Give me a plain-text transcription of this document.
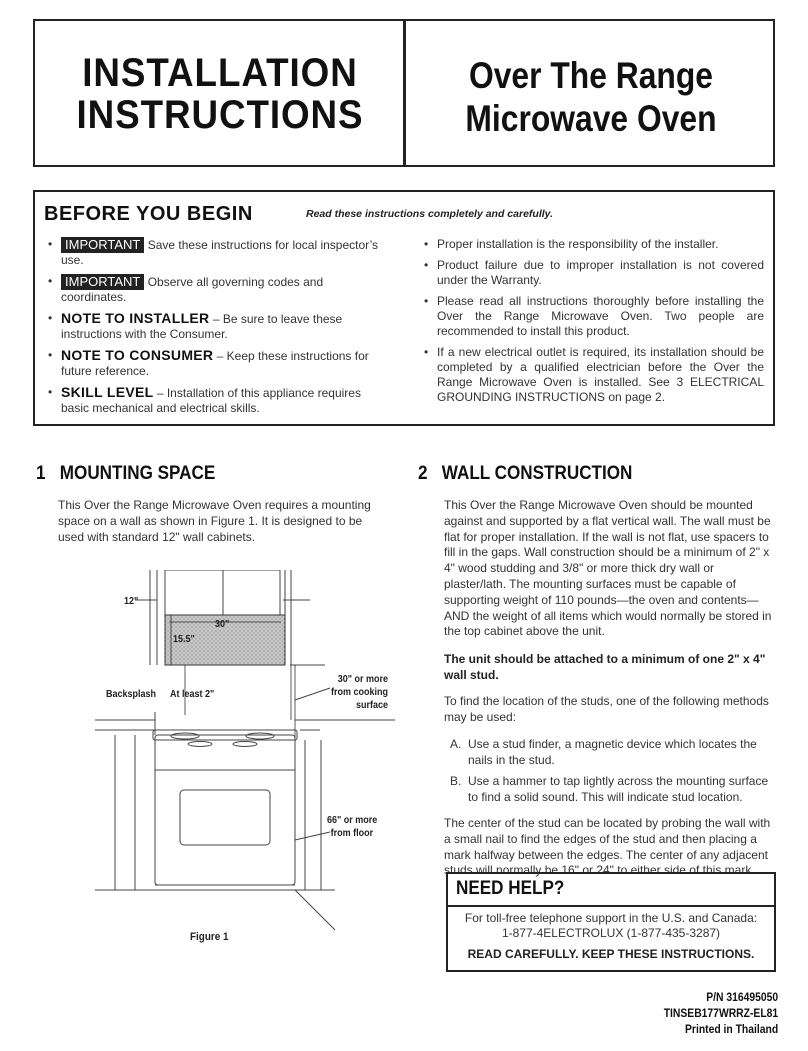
INSTALLATION
INSTRUCTIONS
Over The Range
Microwave Oven
BEFORE YOU BEGIN	Read these instructions completely and carefully.
• IMPORTANT Save these instructions for local inspector’s use.
• IMPORTANT Observe all governing codes and coordinates.
• NOTE TO INSTALLER – Be sure to leave these instructions with the Consumer.
• NOTE TO CONSUMER – Keep these instructions for future reference.
• SKILL LEVEL – Installation of this appliance requires basic mechanical and electrical skills.
• Proper installation is the responsibility of the installer.
• Product failure due to improper installation is not covered under the Warranty.
• Please read all instructions thoroughly before installing the Over the Range Microwave Oven. Two people are recommended to install this product.
• If a new electrical outlet is required, its installation should be completed by a qualified electrician before the Over the Range Microwave Oven is installed. See 3 ELECTRICAL GROUNDING INSTRUCTIONS on page 2.
1 MOUNTING SPACE
This Over the Range Microwave Oven requires a mounting space on a wall as shown in Figure 1. It is designed to be used with standard 12" wall cabinets.
12"
30"
15.5"
Backsplash At least 2"
30" or more
from cooking
surface
66" or more
from floor
Figure 1
2 WALL CONSTRUCTION

This Over the Range Microwave Oven should be mounted against and supported by a flat vertical wall. The wall must be flat for proper installation. If the wall is not flat, use spacers to fill in the gaps. Wall construction should be a minimum of 2" x 4" wood studding and 3/8" or more thick dry wall or plaster/lath. The mounting surfaces must be capable of supporting weight of 110 pounds—the oven and contents—AND the weight of all items which would normally be stored in the top cabinet above the unit.

The unit should be attached to a minimum of one 2" x 4" wall stud.

To find the location of the studs, one of the following methods may be used:

A. Use a stud finder, a magnetic device which locates the nails in the stud.
B. Use a hammer to tap lightly across the mounting surface to find a solid sound. This will indicate stud location.

The center of the stud can be located by probing the wall with a small nail to find the edges of the stud and then placing a mark halfway between the edges. The center of any adjacent studs will normally be 16" or 24" to either side of this mark.

NEED HELP?
For toll-free telephone support in the U.S. and Canada:
1-877-4ELECTROLUX (1-877-435-3287)
READ CAREFULLY. KEEP THESE INSTRUCTIONS.
P/N 316495050
TINSEB177WRRZ-EL81
Printed in Thailand
